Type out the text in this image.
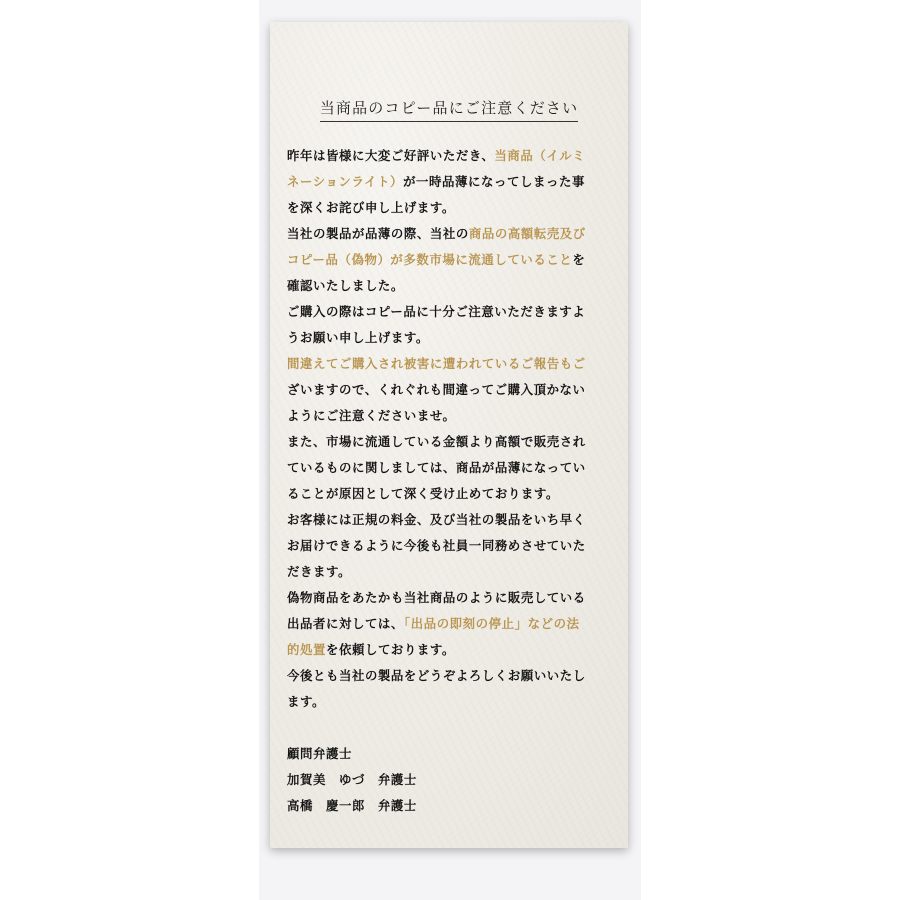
当商品のコピー品にご注意ください
昨年は皆様に大変ご好評いただき、当商品（イルミ
ネーションライト）が一時品薄になってしまった事
を深くお詫び申し上げます。
当社の製品が品薄の際、当社の商品の高額転売及び
コピー品（偽物）が多数市場に流通していることを
確認いたしました。
ご購入の際はコピー品に十分ご注意いただきますよ
うお願い申し上げます。
間違えてご購入され被害に遭われているご報告もご
ざいますので、くれぐれも間違ってご購入頂かない
ようにご注意くださいませ。
また、市場に流通している金額より高額で販売され
ているものに関しましては、商品が品薄になってい
ることが原因として深く受け止めております。
お客様には正規の料金、及び当社の製品をいち早く
お届けできるように今後も社員一同務めさせていた
だきます。
偽物商品をあたかも当社商品のように販売している
出品者に対しては、「出品の即刻の停止」などの法
的処置を依頼しております。
今後とも当社の製品をどうぞよろしくお願いいたし
ます。
顧問弁護士
加賀美　ゆづ　弁護士
高橋　慶一郎　弁護士
